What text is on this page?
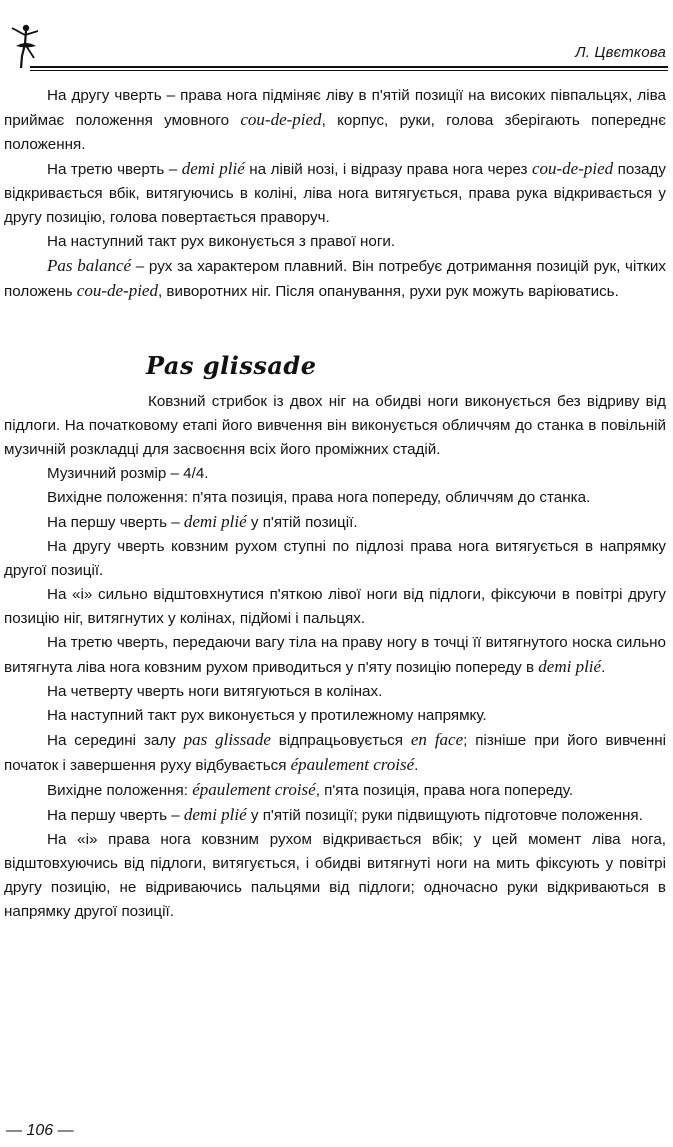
Л. Цвєткова

На другу чверть – права нога підміняє ліву в п'ятій позиції на високих півпальцях, ліва приймає положення умовного cou-de-pied, корпус, руки, голова зберігають попереднє положення.

На третю чверть – demi plié на лівій нозі, і відразу права нога через cou-de-pied позаду відкривається вбік, витягуючись в коліні, ліва нога витягується, права рука відкривається у другу позицію, голова повертається праворуч.

На наступний такт рух виконується з правої ноги.

Pas balancé – рух за характером плавний. Він потребує дотримання позицій рук, чітких положень cou-de-pied, виворотних ніг. Після опанування, рухи рук можуть варіюватись.

Pas glissade

Ковзний стрибок із двох ніг на обидві ноги виконується без відриву від підлоги. На початковому етапі його вивчення він виконується обличчям до станка в повільній музичній розкладці для засвоєння всіх його проміжних стадій.

Музичний розмір – 4/4.

Вихідне положення: п'ята позиція, права нога попереду, обличчям до станка.

На першу чверть – demi plié у п'ятій позиції.

На другу чверть ковзним рухом ступні по підлозі права нога витягується в напрямку другої позиції.

На «і» сильно відштовхнутися п'яткою лівої ноги від підлоги, фіксуючи в повітрі другу позицію ніг, витягнутих у колінах, підйомі і пальцях.

На третю чверть, передаючи вагу тіла на праву ногу в точці її витягнутого носка сильно витягнута ліва нога ковзним рухом приводиться у п'яту позицію попереду в demi plié.

На четверту чверть ноги витягуються в колінах.

На наступний такт рух виконується у протилежному напрямку.

На середині залу pas glissade відпрацьовується en face; пізніше при його вивченні початок і завершення руху відбувається épaulement croisé.

Вихідне положення: épaulement croisé, п'ята позиція, права нога попереду.

На першу чверть – demi plié у п'ятій позиції; руки підвищують підготовче положення.

На «і» права нога ковзним рухом відкривається вбік; у цей момент ліва нога, відштовхуючись від підлоги, витягується, і обидві витягнуті ноги на мить фіксують у повітрі другу позицію, не відриваючись пальцями від підлоги; одночасно руки відкриваються в напрямку другої позиції.

— 106 —
